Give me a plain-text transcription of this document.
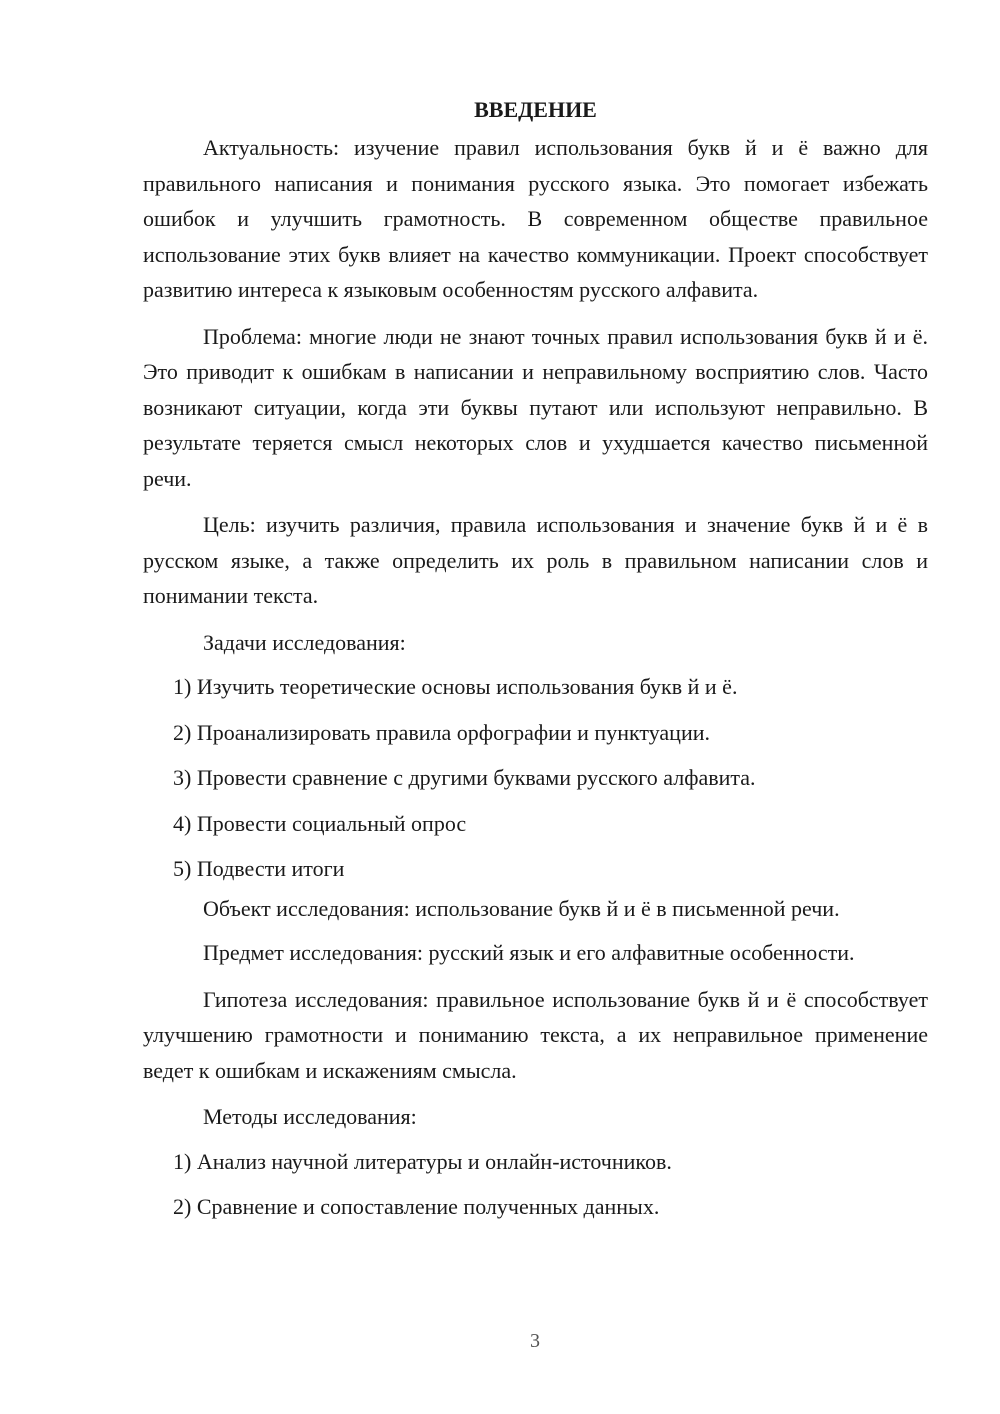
ВВЕДЕНИЕ

Актуальность: изучение правил использования букв й и ё важно для правильного написания и понимания русского языка. Это помогает избежать ошибок и улучшить грамотность. В современном обществе правильное использование этих букв влияет на качество коммуникации. Проект способствует развитию интереса к языковым особенностям русского алфавита.

Проблема: многие люди не знают точных правил использования букв й и ё. Это приводит к ошибкам в написании и неправильному восприятию слов. Часто возникают ситуации, когда эти буквы путают или используют неправильно. В результате теряется смысл некоторых слов и ухудшается качество письменной речи.

Цель: изучить различия, правила использования и значение букв й и ё в русском языке, а также определить их роль в правильном написании слов и понимании текста.

Задачи исследования:

1) Изучить теоретические основы использования букв й и ё.
2) Проанализировать правила орфографии и пунктуации.
3) Провести сравнение с другими буквами русского алфавита.
4) Провести социальный опрос
5) Подвести итоги

Объект исследования: использование букв й и ё в письменной речи.

Предмет исследования: русский язык и его алфавитные особенности.

Гипотеза исследования: правильное использование букв й и ё способствует улучшению грамотности и пониманию текста, а их неправильное применение ведет к ошибкам и искажениям смысла.

Методы исследования:

1) Анализ научной литературы и онлайн-источников.
2) Сравнение и сопоставление полученных данных.
3
